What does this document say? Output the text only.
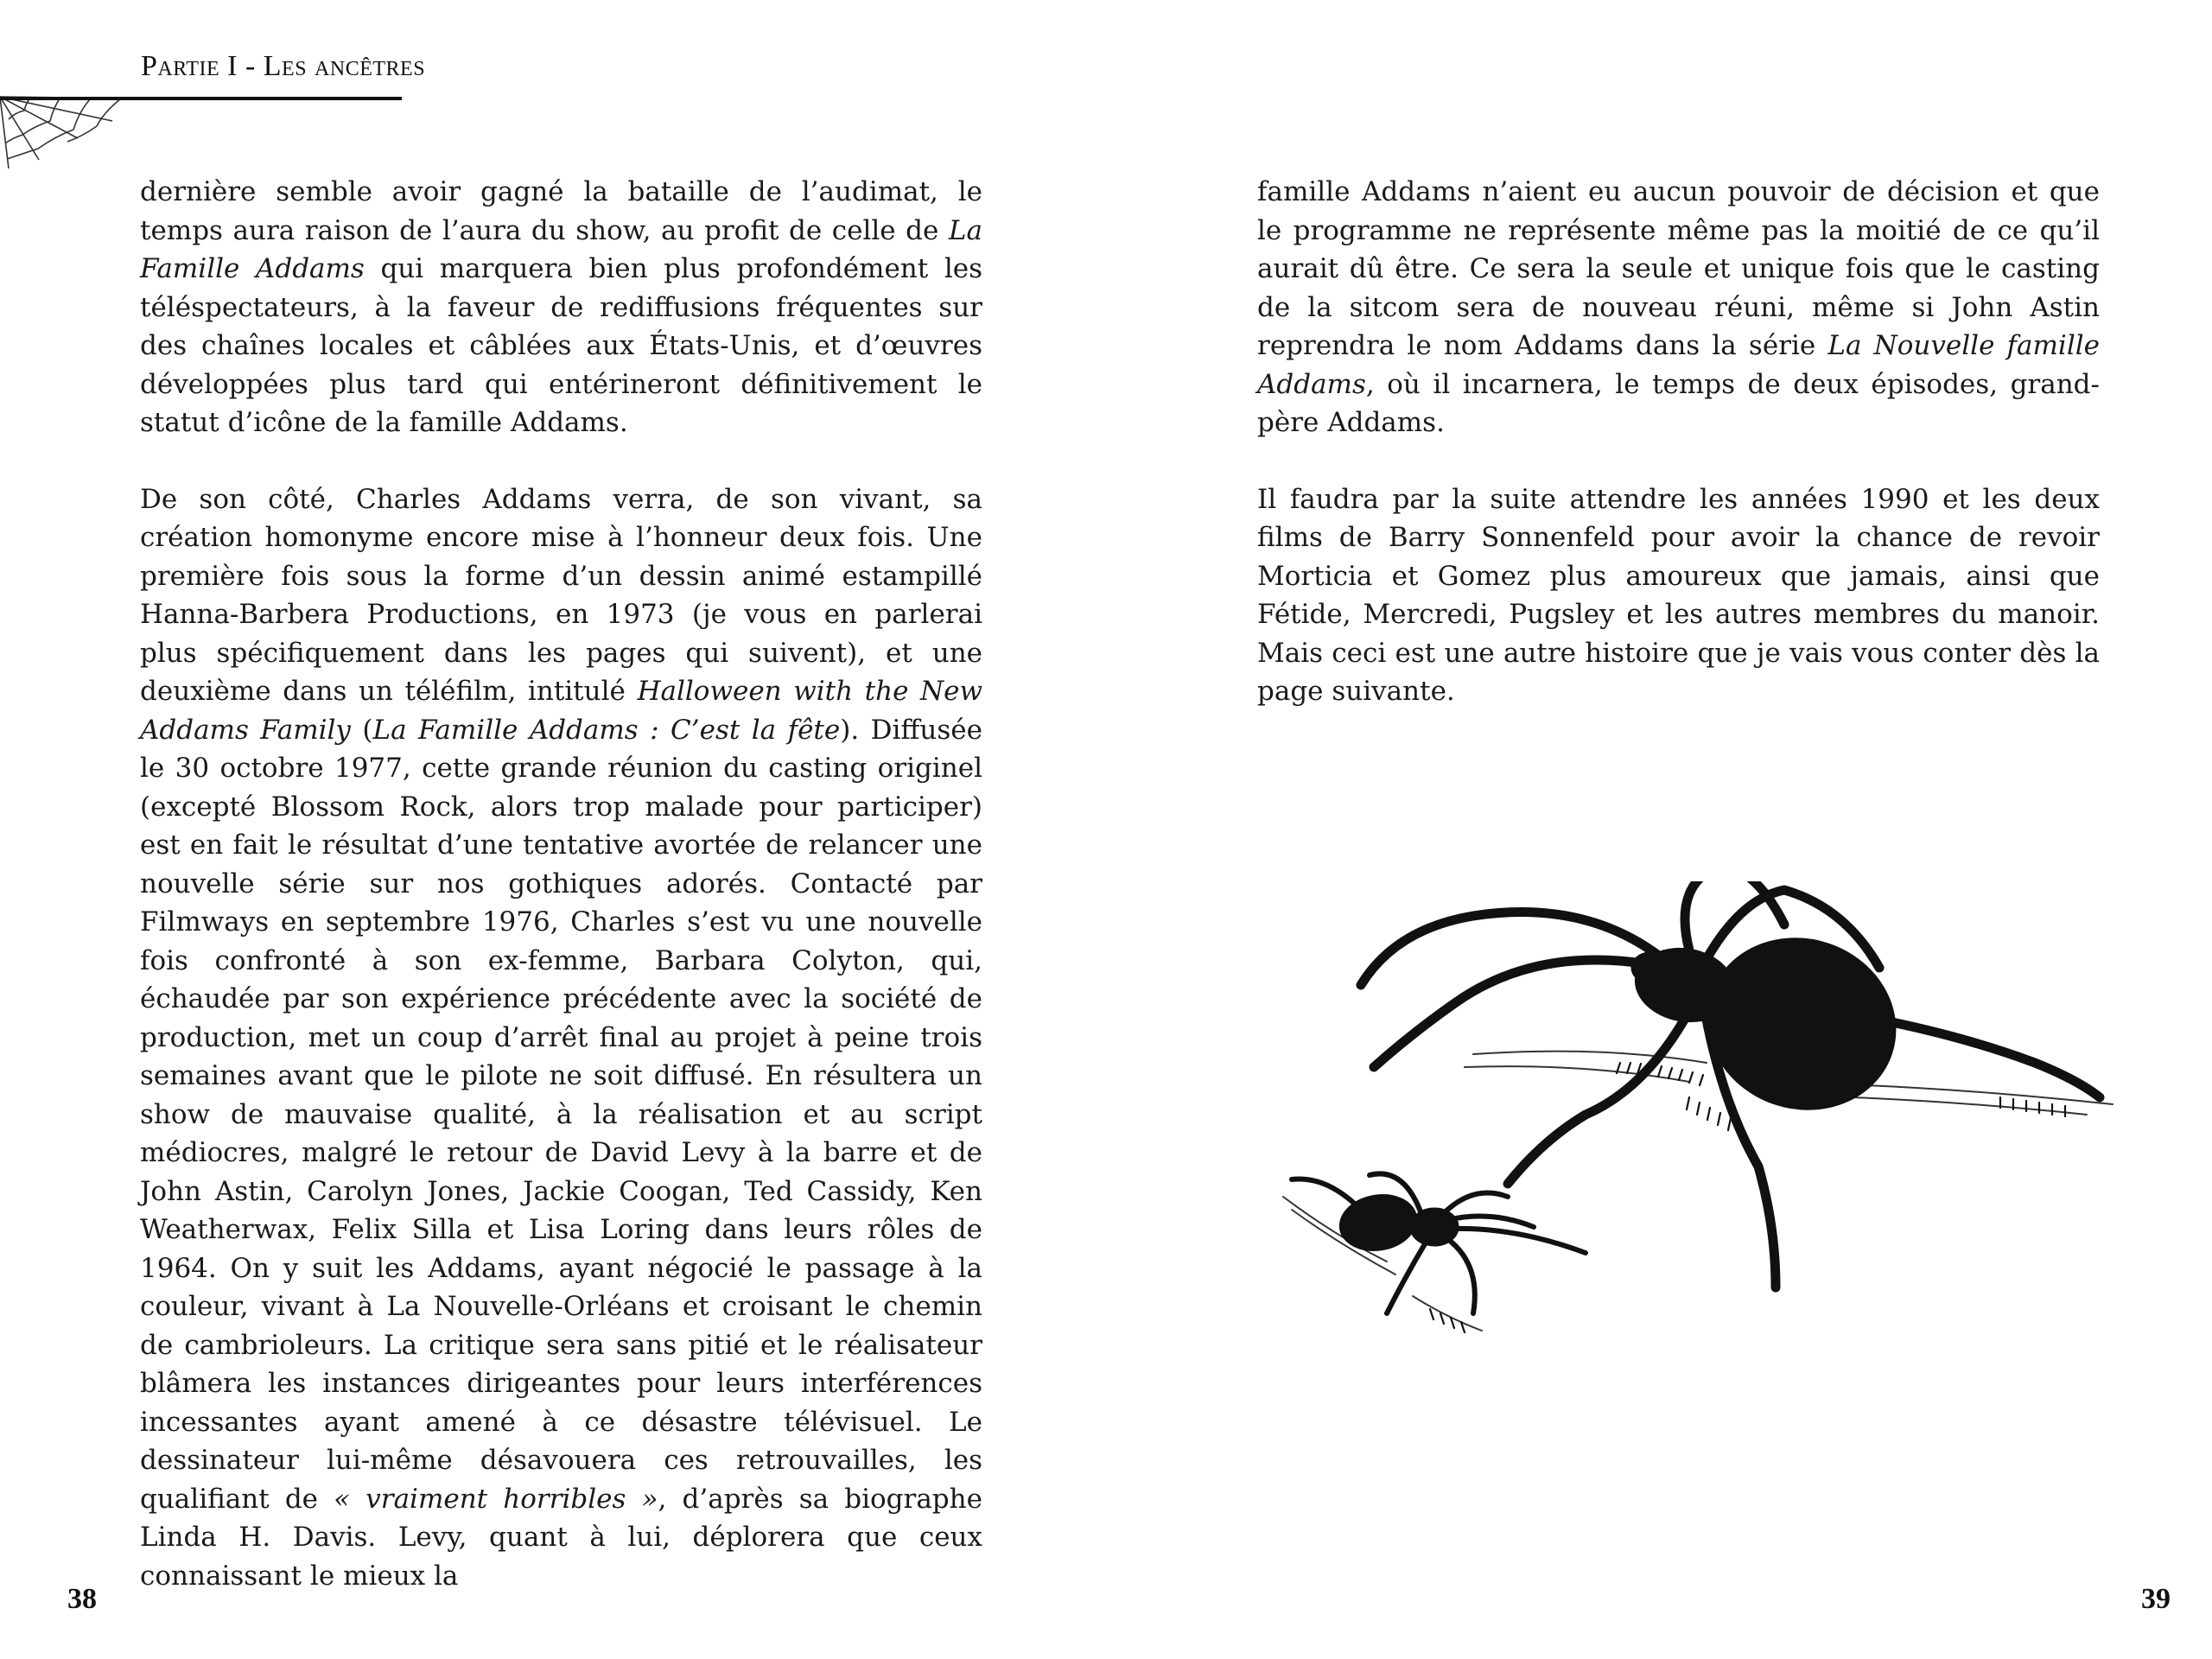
Partie I - Les ancêtres

dernière semble avoir gagné la bataille de l’audimat, le temps aura raison de l’aura du show, au profit de celle de La Famille Addams qui marquera bien plus profondément les téléspectateurs, à la faveur de rediffusions fréquentes sur des chaînes locales et câblées aux États-Unis, et d’œuvres développées plus tard qui entérineront définitivement le statut d’icône de la famille Addams.

De son côté, Charles Addams verra, de son vivant, sa création homonyme encore mise à l’honneur deux fois. Une première fois sous la forme d’un dessin animé estampillé Hanna-Barbera Productions, en 1973 (je vous en parlerai plus spécifiquement dans les pages qui suivent), et une deuxième dans un téléfilm, intitulé Halloween with the New Addams Family (La Famille Addams : C’est la fête). Diffusée le 30 octobre 1977, cette grande réunion du casting originel (excepté Blossom Rock, alors trop malade pour participer) est en fait le résultat d’une tentative avortée de relancer une nouvelle série sur nos gothiques adorés. Contacté par Filmways en septembre 1976, Charles s’est vu une nouvelle fois confronté à son ex-femme, Barbara Colyton, qui, échaudée par son expérience précédente avec la société de production, met un coup d’arrêt final au projet à peine trois semaines avant que le pilote ne soit diffusé. En résultera un show de mauvaise qualité, à la réalisation et au script médiocres, malgré le retour de David Levy à la barre et de John Astin, Carolyn Jones, Jackie Coogan, Ted Cassidy, Ken Weatherwax, Felix Silla et Lisa Loring dans leurs rôles de 1964. On y suit les Addams, ayant négocié le passage à la couleur, vivant à La Nouvelle-Orléans et croisant le chemin de cambrioleurs. La critique sera sans pitié et le réalisateur blâmera les instances dirigeantes pour leurs interférences incessantes ayant amené à ce désastre télévisuel. Le dessinateur lui-même désavouera ces retrouvailles, les qualifiant de « vraiment horribles », d’après sa biographe Linda H. Davis. Levy, quant à lui, déplorera que ceux connaissant le mieux la

38

famille Addams n’aient eu aucun pouvoir de décision et que le programme ne représente même pas la moitié de ce qu’il aurait dû être. Ce sera la seule et unique fois que le casting de la sitcom sera de nouveau réuni, même si John Astin reprendra le nom Addams dans la série La Nouvelle famille Addams, où il incarnera, le temps de deux épisodes, grand-père Addams.

Il faudra par la suite attendre les années 1990 et les deux films de Barry Sonnenfeld pour avoir la chance de revoir Morticia et Gomez plus amoureux que jamais, ainsi que Fétide, Mercredi, Pugsley et les autres membres du manoir. Mais ceci est une autre histoire que je vais vous conter dès la page suivante.

39
